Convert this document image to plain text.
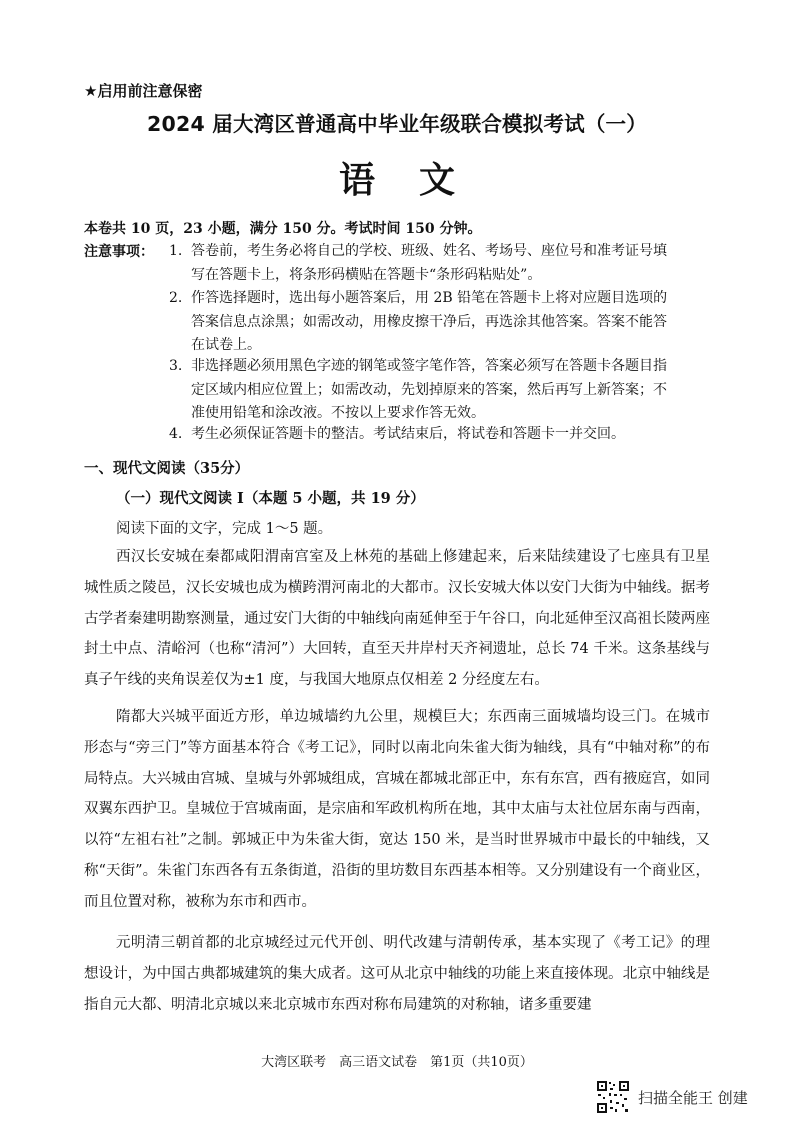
★启用前注意保密
2024 届大湾区普通高中毕业年级联合模拟考试（一）
语文
本卷共 10 页，23 小题，满分 150 分。考试时间 150 分钟。
注意事项： 1. 答卷前，考生务必将自己的学校、班级、姓名、考场号、座位号和准考证号填
写在答题卡上，将条形码横贴在答题卡“条形码粘贴处”。
2. 作答选择题时，选出每小题答案后，用 2B 铅笔在答题卡上将对应题目选项的
答案信息点涂黑；如需改动，用橡皮擦干净后，再选涂其他答案。答案不能答
在试卷上。
3. 非选择题必须用黑色字迹的钢笔或签字笔作答，答案必须写在答题卡各题目指
定区域内相应位置上；如需改动，先划掉原来的答案，然后再写上新答案；不
准使用铅笔和涂改液。不按以上要求作答无效。
4. 考生必须保证答题卡的整洁。考试结束后，将试卷和答题卡一并交回。
一、现代文阅读（35分）
（一）现代文阅读 I（本题 5 小题，共 19 分）
阅读下面的文字，完成 1～5 题。
西汉长安城在秦都咸阳渭南宫室及上林苑的基础上修建起来，后来陆续建设了七座具有卫星城性质之陵邑，汉长安城也成为横跨渭河南北的大都市。汉长安城大体以安门大街为中轴线。据考古学者秦建明勘察测量，通过安门大街的中轴线向南延伸至于午谷口，向北延伸至汉高祖长陵两座封土中点、清峪河（也称“清河”）大回转，直至天井岸村天齐祠遗址，总长 74 千米。这条基线与真子午线的夹角误差仅为±1 度，与我国大地原点仅相差 2 分经度左右。
隋都大兴城平面近方形，单边城墙约九公里，规模巨大；东西南三面城墙均设三门。在城市形态与“旁三门”等方面基本符合《考工记》，同时以南北向朱雀大街为轴线，具有“中轴对称”的布局特点。大兴城由宫城、皇城与外郭城组成，宫城在都城北部正中，东有东宫，西有掖庭宫，如同双翼东西护卫。皇城位于宫城南面，是宗庙和军政机构所在地，其中太庙与太社位居东南与西南，以符“左祖右社”之制。郭城正中为朱雀大街，宽达 150 米，是当时世界城市中最长的中轴线，又称“天街”。朱雀门东西各有五条街道，沿街的里坊数目东西基本相等。又分别建设有一个商业区，而且位置对称，被称为东市和西市。
元明清三朝首都的北京城经过元代开创、明代改建与清朝传承，基本实现了《考工记》的理想设计，为中国古典都城建筑的集大成者。这可从北京中轴线的功能上来直接体现。北京中轴线是指自元大都、明清北京城以来北京城市东西对称布局建筑的对称轴，诸多重要建
大湾区联考　高三语文试卷　第1页（共10页）
扫描全能王 创建
